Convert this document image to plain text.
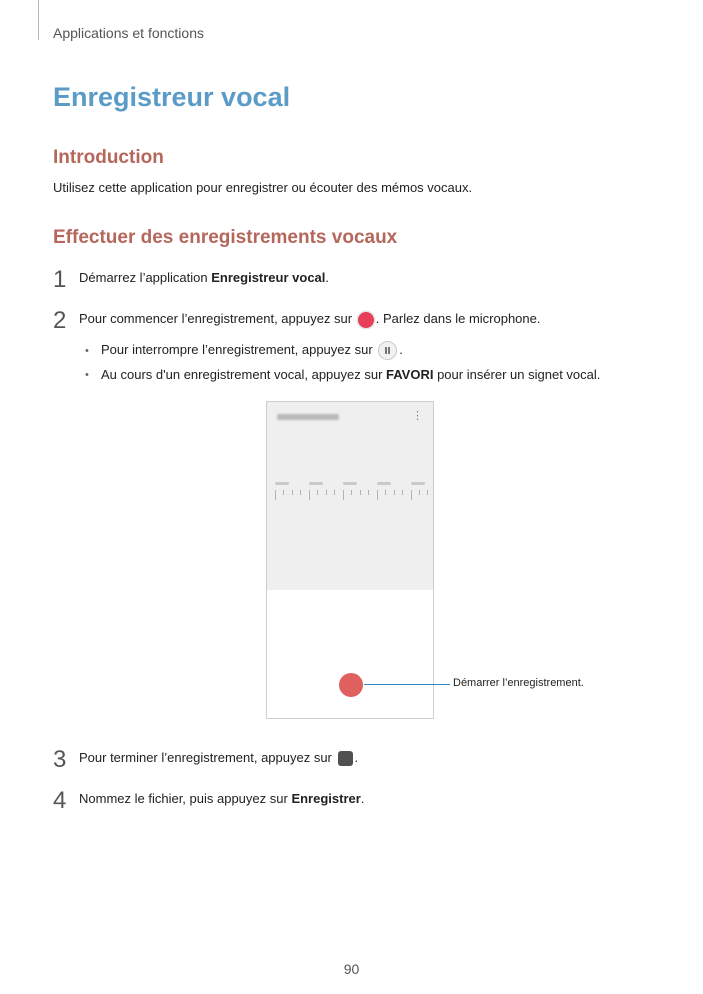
Applications et fonctions
Enregistreur vocal
Introduction

Utilisez cette application pour enregistrer ou écouter des mémos vocaux.

Effectuer des enregistrements vocaux
1 Démarrez l’application Enregistreur vocal.
2 Pour commencer l’enregistrement, appuyez sur . Parlez dans le microphone.
• Pour interrompre l’enregistrement, appuyez sur .
• Au cours d'un enregistrement vocal, appuyez sur FAVORI pour insérer un signet vocal.
⋮
Démarrer l’enregistrement.
3 Pour terminer l’enregistrement, appuyez sur .
4 Nommez le fichier, puis appuyez sur Enregistrer.
90
